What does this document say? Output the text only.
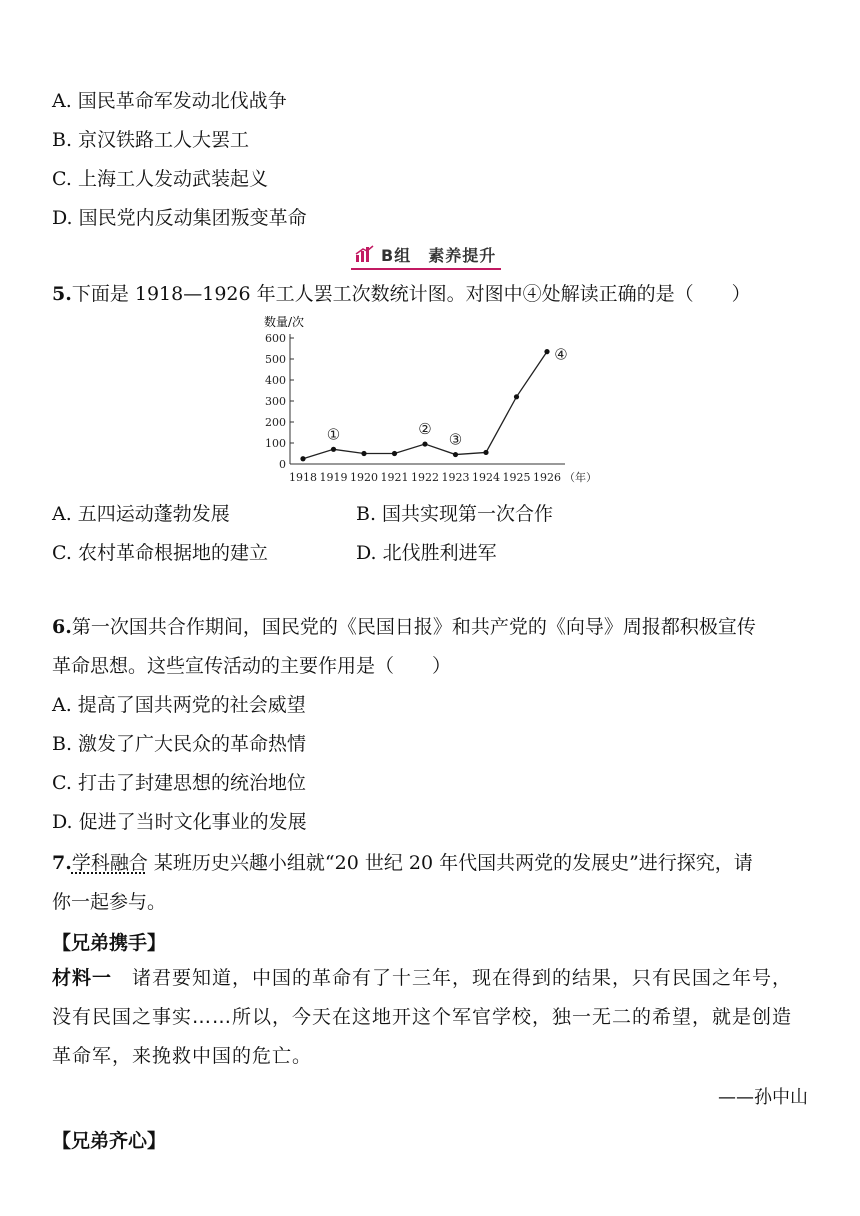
A. 国民革命军发动北伐战争
B. 京汉铁路工人大罢工
C. 上海工人发动武装起义
D. 国民党内反动集团叛变革命
B组　素养提升
5.下面是 1918—1926 年工人罢工次数统计图。对图中④处解读正确的是（　　）
数量/次
0
100
200
300
400
500
600
1918 1919 1920 1921 1922 1923 1924 1925 1926 （年）
①	②
③
④
A. 五四运动蓬勃发展	B. 国共实现第一次合作
C. 农村革命根据地的建立	D. 北伐胜利进军
6.第一次国共合作期间，国民党的《民国日报》和共产党的《向导》周报都积极宣传
革命思想。这些宣传活动的主要作用是（　　）
A. 提高了国共两党的社会威望
B. 激发了广大民众的革命热情
C. 打击了封建思想的统治地位
D. 促进了当时文化事业的发展
7.学科融合 某班历史兴趣小组就“20 世纪 20 年代国共两党的发展史”进行探究，请
你一起参与。
【兄弟携手】
材料一　诸君要知道，中国的革命有了十三年，现在得到的结果，只有民国之年号，
没有民国之事实……所以，今天在这地开这个军官学校，独一无二的希望，就是创造
革命军，来挽救中国的危亡。
——孙中山
【兄弟齐心】
